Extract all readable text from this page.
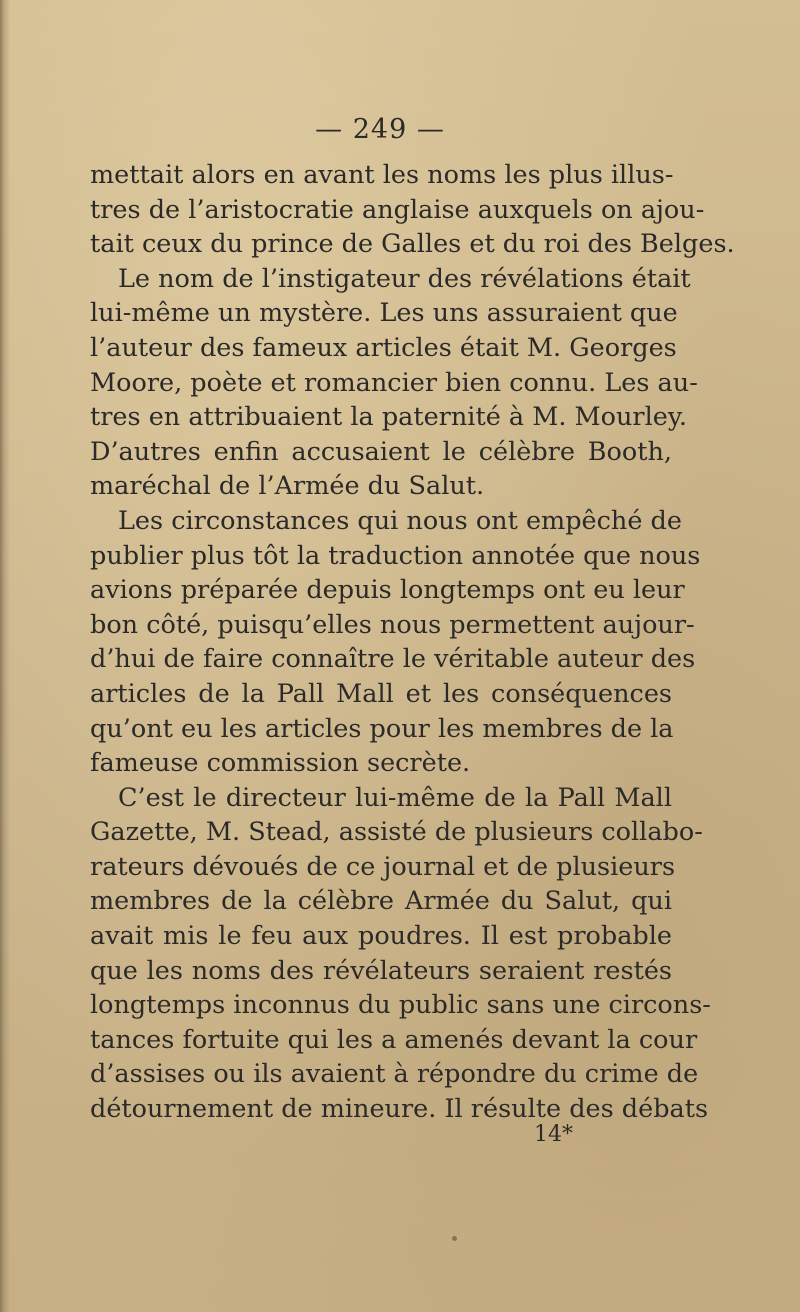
— 249 —
mettait alors en avant les noms les plus illus-
tres de l’aristocratie anglaise auxquels on ajou-
tait ceux du prince de Galles et du roi des Belges.
Le nom de l’instigateur des révélations était
lui-même un mystère. Les uns assuraient que
l’auteur des fameux articles était M. Georges
Moore, poète et romancier bien connu. Les au-
tres en attribuaient la paternité à M. Mourley.
D’autres enfin accusaient le célèbre Booth,
maréchal de l’Armée du Salut.
Les circonstances qui nous ont empêché de
publier plus tôt la traduction annotée que nous
avions préparée depuis longtemps ont eu leur
bon côté, puisqu’elles nous permettent aujour-
d’hui de faire connaître le véritable auteur des
articles de la Pall Mall et les conséquences
qu’ont eu les articles pour les membres de la
fameuse commission secrète.
C’est le directeur lui-même de la Pall Mall
Gazette, M. Stead, assisté de plusieurs collabo-
rateurs dévoués de ce journal et de plusieurs
membres de la célèbre Armée du Salut, qui
avait mis le feu aux poudres. Il est probable
que les noms des révélateurs seraient restés
longtemps inconnus du public sans une circons-
tances fortuite qui les a amenés devant la cour
d’assises ou ils avaient à répondre du crime de
détournement de mineure. Il résulte des débats
14*
